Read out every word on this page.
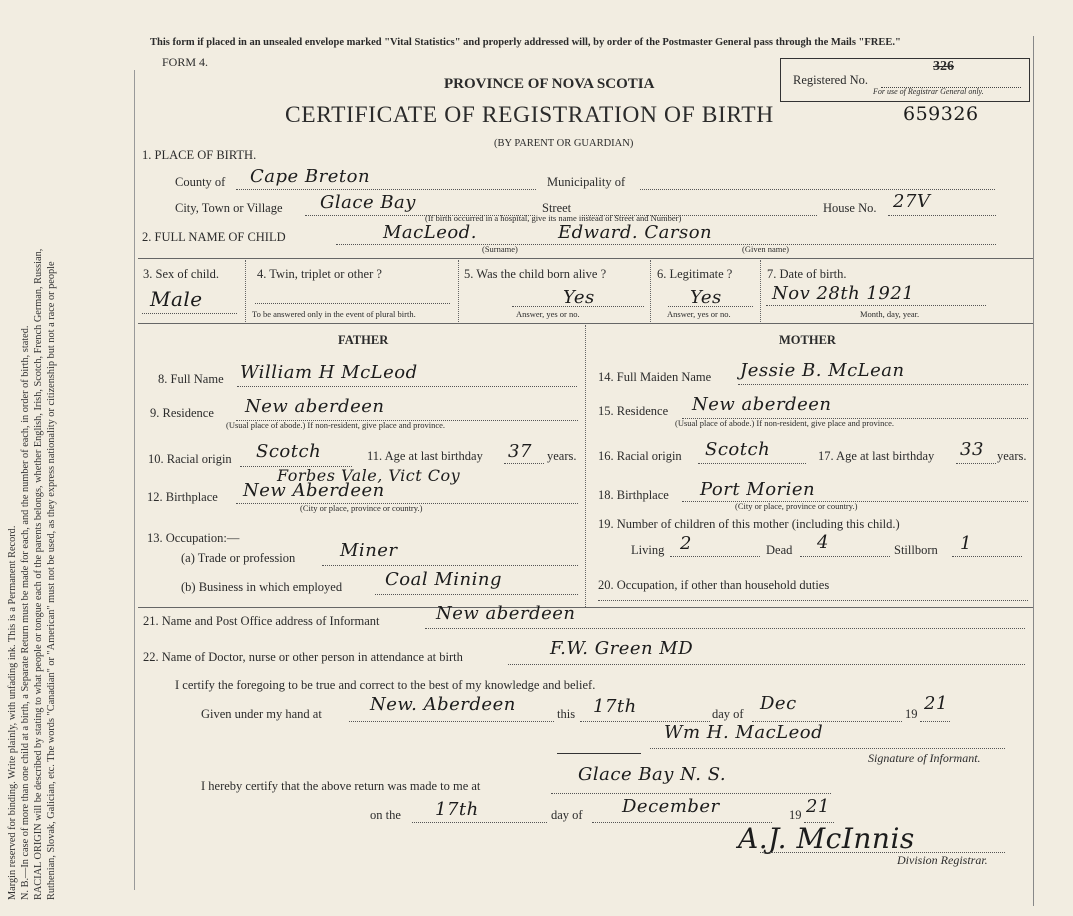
Margin reserved for binding. Write plainly, with unfading ink. This is a Permanent Record. N. B.—In case of more than one child at a birth, a Separate Return must be made for each, and the number of each, in order of birth, stated. RACIAL ORIGIN will be described by stating to what people or tongue each of the parents belongs, whether English, Irish, Scotch, French German, Russian, Ruthenian, Slovak, Galician, etc. The words "Canadian" or "American" must not be used, as they express nationality or citizenship but not a race or people
This form if placed in an unsealed envelope marked "Vital Statistics" and properly addressed will, by order of the Postmaster General pass through the Mails "FREE."
FORM 4.
PROVINCE OF NOVA SCOTIA
CERTIFICATE OF REGISTRATION OF BIRTH	659326
(BY PARENT OR GUARDIAN)
Registered No.
326
For use of Registrar General only.
1. PLACE OF BIRTH.
County of Cape Breton	Municipality of
City, Town or Village Glace Bay	Street	House No. 27V
(If birth occurred in a hospital, give its name instead of Street and Number)
2. FULL NAME OF CHILD	MacLeod.	Edward. Carson
(Surname)	(Given name)
3. Sex of child.
Male
4. Twin, triplet or other ?
To be answered only in the event of plural birth.
5. Was the child born alive ?
Yes
Answer, yes or no.
6. Legitimate ?
Yes
Answer, yes or no.
7. Date of birth.
Nov 28th 1921
Month, day, year.
FATHER
8. Full Name William H McLeod
9. Residence New aberdeen
(Usual place of abode.) If non-resident, give place and province.
10. Racial origin Scotch	11. Age at last birthday 37 years.
Forbes Vale, Vict Coy
12. Birthplace New Aberdeen
(City or place, province or country.)
13. Occupation:—
(a) Trade or profession Miner
(b) Business in which employed Coal Mining
MOTHER
14. Full Maiden Name Jessie B. McLean
15. Residence New aberdeen
(Usual place of abode.) If non-resident, give place and province.
16. Racial origin Scotch	17. Age at last birthday 33 years.
18. Birthplace Port Morien
(City or place, province or country.)
19. Number of children of this mother (including this child.)
Living 2	Dead 4	Stillborn 1
20. Occupation, if other than household duties
21. Name and Post Office address of Informant	New aberdeen
22. Name of Doctor, nurse or other person in attendance at birth	F.W. Green MD
I certify the foregoing to be true and correct to the best of my knowledge and belief.
Given under my hand at	New. Aberdeen	this 17th	day of Dec	19 21
Wm H. MacLeod
Signature of Informant.
I hereby certify that the above return was made to me at
Glace Bay N. S.
on the 17th	day of December	19 21
A.J. McInnis
Division Registrar.
